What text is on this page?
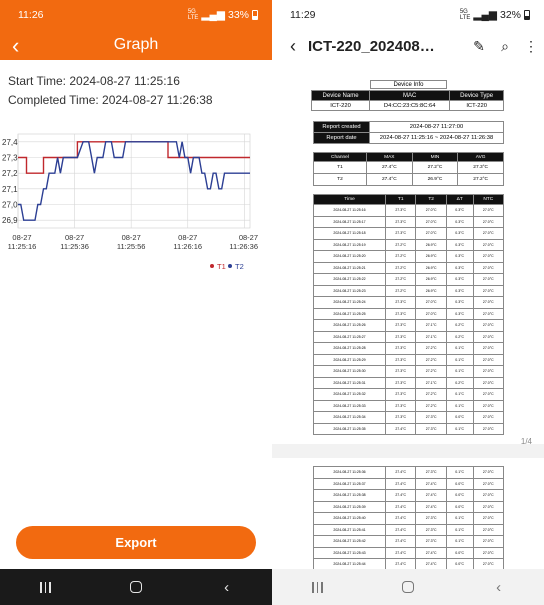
11:26	5G
LTE ▂▄▆ 33%
‹	Graph
Start Time: 2024-08-27 11:25:16
Completed Time: 2024-08-27 11:26:38
26,9
27,0
27,1
27,2
27,3
27,4
08-27
11:25:16
08-27
11:25:36
08-27
11:25:56
08-27
11:26:16
08-27
11:26:36
T1 T2
Export
‹
11:29	5G
LTE ▂▄▆ 32%
‹ ICT-220_202408…	✎	⌕	⋮
Device Info
Device Name	MAC	Device Type
ICT-220	D4:CC:23:C5:8C:64	ICT-220
Report created	2024-08-27 11:27:00
Report date	2024-08-27 11:25:16 ~ 2024-08-27 11:26:38
Channel	MAX	MIN	AVG
T1	27.4°C	27.2°C	27.3°C
T2	27.4°C	26.9°C	27.2°C
Time	T1	T2	ΔT	NTC
2024-08-27 11:25:16	27.3°C	27.0°C	0.3°C	27.0°C
2024-08-27 11:25:17	27.3°C	27.0°C	0.3°C	27.0°C
2024-08-27 11:25:18	27.3°C	27.0°C	0.3°C	27.0°C
2024-08-27 11:25:19	27.2°C	26.9°C	0.3°C	27.0°C
2024-08-27 11:25:20	27.2°C	26.9°C	0.3°C	27.0°C
2024-08-27 11:25:21	27.2°C	26.9°C	0.3°C	27.0°C
2024-08-27 11:25:22	27.2°C	26.9°C	0.3°C	27.0°C
2024-08-27 11:25:23	27.2°C	26.9°C	0.3°C	27.0°C
2024-08-27 11:25:24	27.3°C	27.0°C	0.3°C	27.0°C
2024-08-27 11:25:25	27.3°C	27.0°C	0.3°C	27.0°C
2024-08-27 11:25:26	27.3°C	27.1°C	0.2°C	27.0°C
2024-08-27 11:25:27	27.3°C	27.1°C	0.2°C	27.0°C
2024-08-27 11:25:28	27.3°C	27.2°C	0.1°C	27.0°C
2024-08-27 11:25:29	27.3°C	27.2°C	0.1°C	27.0°C
2024-08-27 11:25:30	27.3°C	27.2°C	0.1°C	27.0°C
2024-08-27 11:25:31	27.3°C	27.1°C	0.2°C	27.0°C
2024-08-27 11:25:32	27.3°C	27.2°C	0.1°C	27.0°C
2024-08-27 11:25:33	27.3°C	27.2°C	0.1°C	27.0°C
2024-08-27 11:25:34	27.3°C	27.3°C	0.0°C	27.0°C
2024-08-27 11:25:35	27.4°C	27.3°C	0.1°C	27.0°C
1/4
2024-08-27 11:25:36	27.4°C	27.3°C	0.1°C	27.0°C
2024-08-27 11:25:37	27.4°C	27.4°C	0.0°C	27.0°C
2024-08-27 11:25:38	27.4°C	27.4°C	0.0°C	27.0°C
2024-08-27 11:25:39	27.4°C	27.4°C	0.0°C	27.0°C
2024-08-27 11:25:40	27.4°C	27.3°C	0.1°C	27.0°C
2024-08-27 11:25:41	27.4°C	27.3°C	0.1°C	27.0°C
2024-08-27 11:25:42	27.4°C	27.3°C	0.1°C	27.0°C
2024-08-27 11:25:43	27.4°C	27.4°C	0.0°C	27.0°C
2024-08-27 11:25:44	27.4°C	27.4°C	0.0°C	27.0°C
‹
